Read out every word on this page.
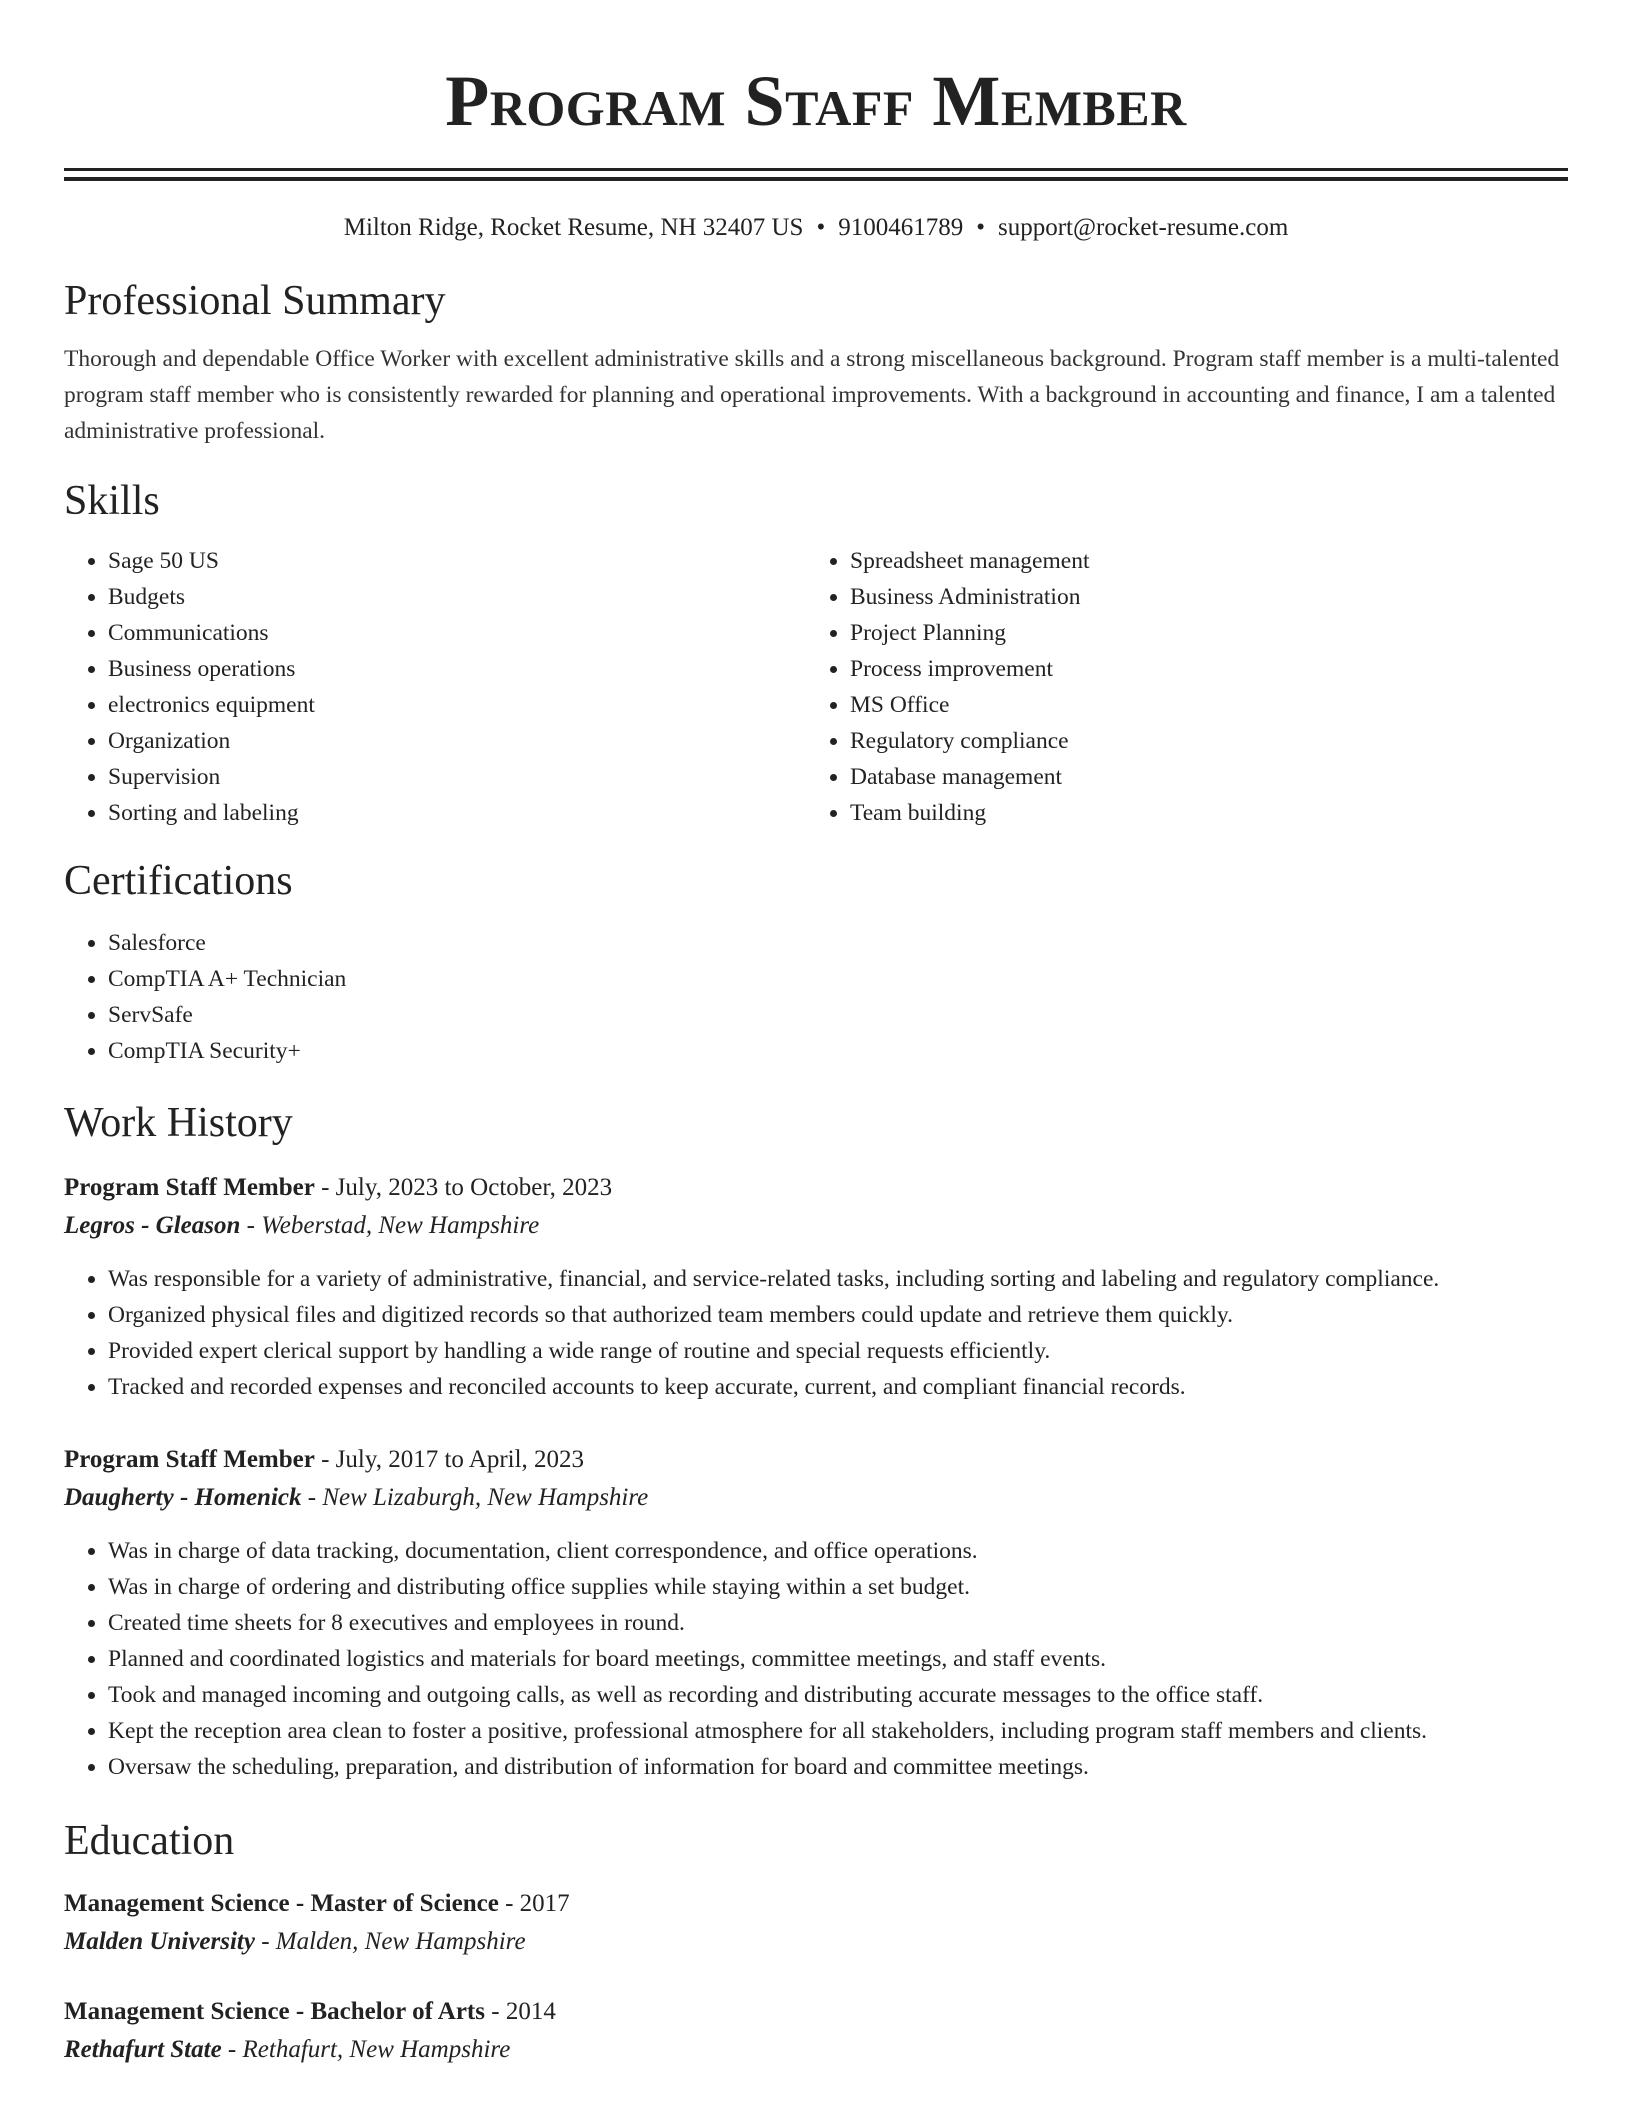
Program Staff Member
Milton Ridge, Rocket Resume, NH 32407 US • 9100461789 • support@rocket-resume.com
Professional Summary

Thorough and dependable Office Worker with excellent administrative skills and a strong miscellaneous background. Program staff member is a multi-talented program staff member who is consistently rewarded for planning and operational improvements. With a background in accounting and finance, I am a talented administrative professional.

Skills
• Sage 50 US
• Budgets
• Communications
• Business operations
• electronics equipment
• Organization
• Supervision
• Sorting and labeling
• Spreadsheet management
• Business Administration
• Project Planning
• Process improvement
• MS Office
• Regulatory compliance
• Database management
• Team building
Certifications
• Salesforce
• CompTIA A+ Technician
• ServSafe
• CompTIA Security+
Work History
Program Staff Member - July, 2023 to October, 2023
Legros - Gleason - Weberstad, New Hampshire
• Was responsible for a variety of administrative, financial, and service-related tasks, including sorting and labeling and regulatory compliance.
• Organized physical files and digitized records so that authorized team members could update and retrieve them quickly.
• Provided expert clerical support by handling a wide range of routine and special requests efficiently.
• Tracked and recorded expenses and reconciled accounts to keep accurate, current, and compliant financial records.
Program Staff Member - July, 2017 to April, 2023
Daugherty - Homenick - New Lizaburgh, New Hampshire
• Was in charge of data tracking, documentation, client correspondence, and office operations.
• Was in charge of ordering and distributing office supplies while staying within a set budget.
• Created time sheets for 8 executives and employees in round.
• Planned and coordinated logistics and materials for board meetings, committee meetings, and staff events.
• Took and managed incoming and outgoing calls, as well as recording and distributing accurate messages to the office staff.
• Kept the reception area clean to foster a positive, professional atmosphere for all stakeholders, including program staff members and clients.
• Oversaw the scheduling, preparation, and distribution of information for board and committee meetings.
Education
Management Science - Master of Science - 2017
Malden University - Malden, New Hampshire
Management Science - Bachelor of Arts - 2014
Rethafurt State - Rethafurt, New Hampshire
